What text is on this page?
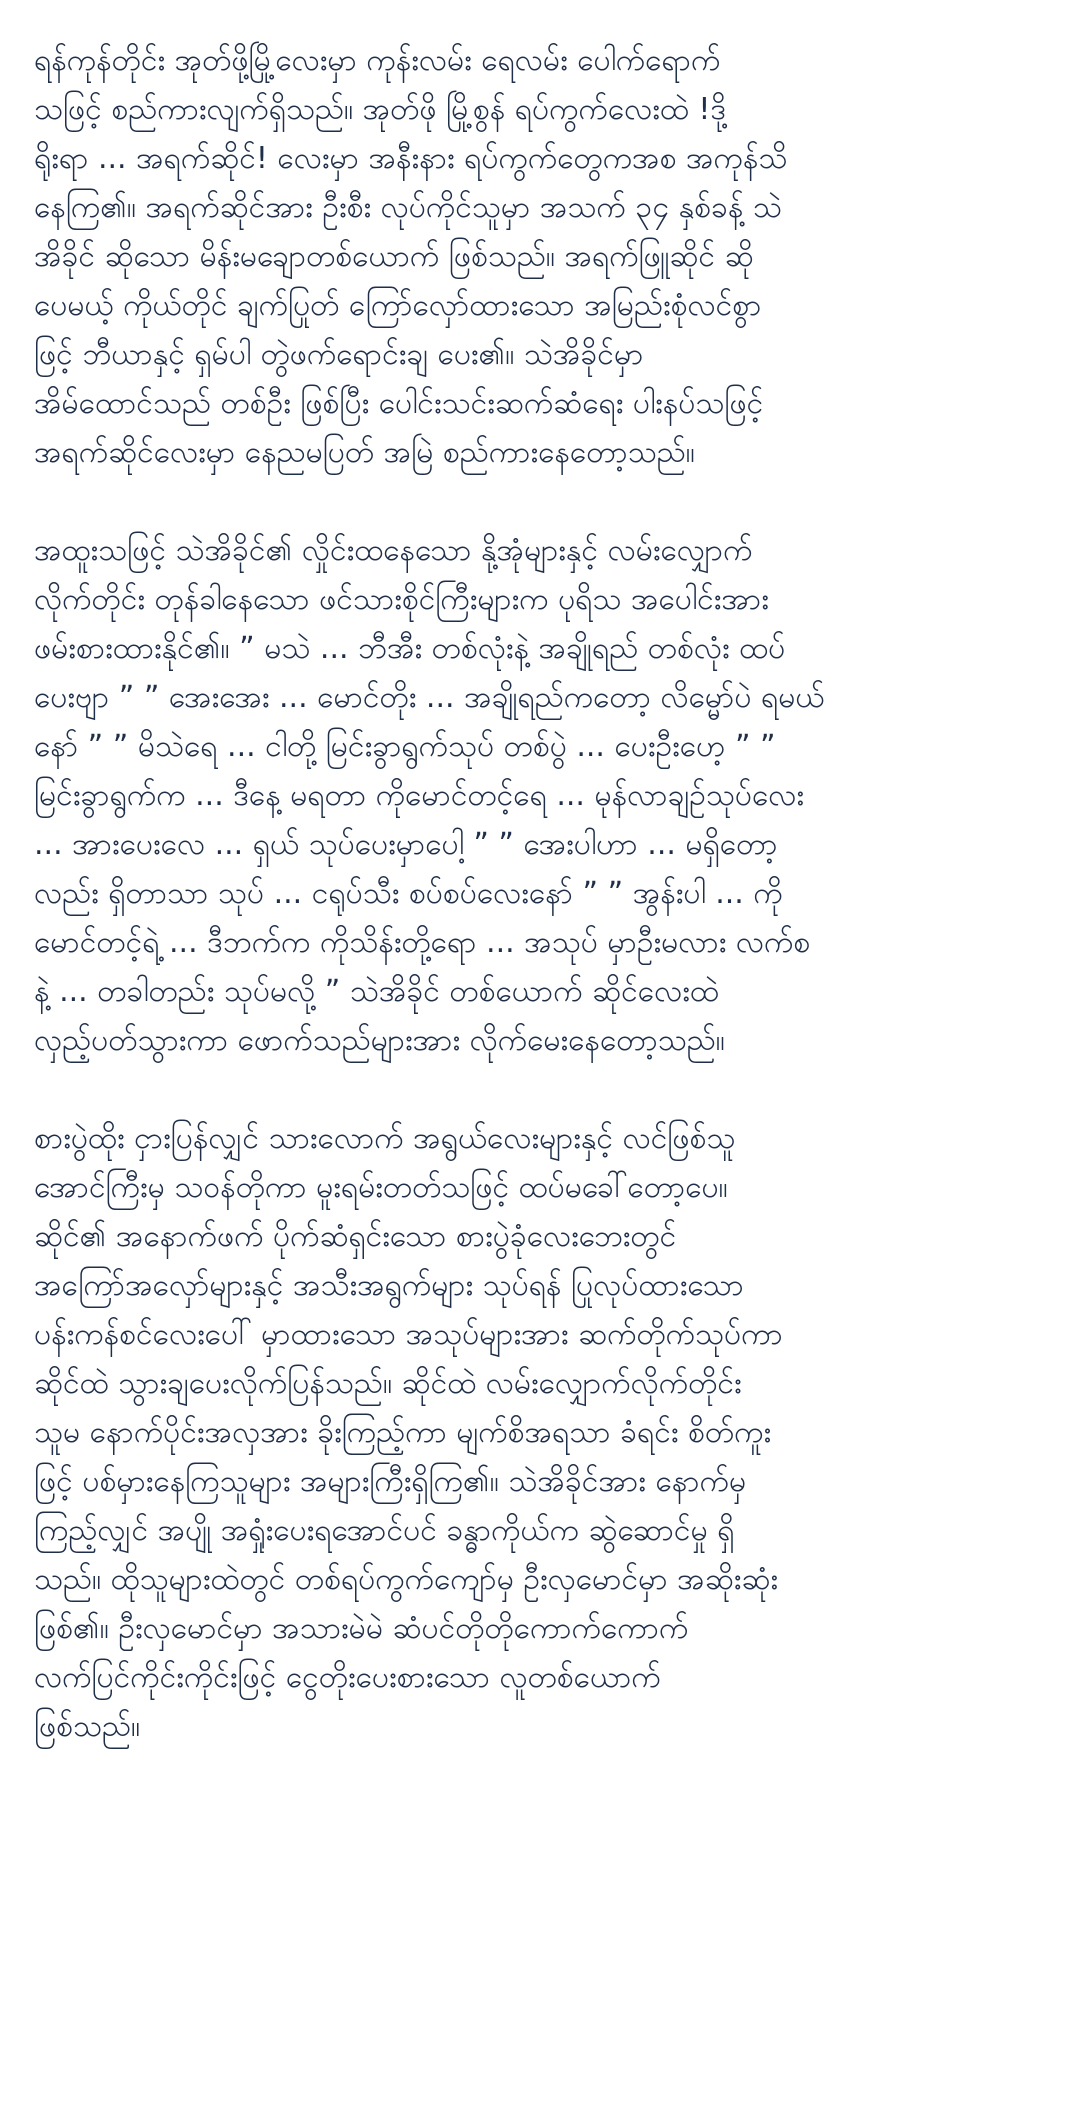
ရန်ကုန်တိုင်း အုတ်ဖို့မြို့လေးမှာ ကုန်းလမ်း ရေလမ်း ပေါက်ရောက်
သဖြင့် စည်ကားလျက်ရှိသည်။ အုတ်ဖို မြို့စွန် ရပ်ကွက်လေးထဲ !ဒို့
ရိုးရာ ... အရက်ဆိုင်! လေးမှာ အနီးနား ရပ်ကွက်တွေကအစ အကုန်သိ
နေကြ၏။ အရက်ဆိုင်အား ဦးစီး လုပ်ကိုင်သူမှာ အသက် ၃၄ နှစ်ခန့် သဲ
အိခိုင် ဆိုသော မိန်းမချောတစ်ယောက် ဖြစ်သည်။ အရက်ဖြူဆိုင် ဆို
ပေမယ့် ကိုယ်တိုင် ချက်ပြုတ် ကြော်လှော်ထားသော အမြည်းစုံလင်စွာ
ဖြင့် ဘီယာနှင့် ရှမ်ပါ တွဲဖက်ရောင်းချ ပေး၏။ သဲအိခိုင်မှာ
အိမ်ထောင်သည် တစ်ဦး ဖြစ်ပြီး ပေါင်းသင်းဆက်ဆံရေး ပါးနပ်သဖြင့်
အရက်ဆိုင်လေးမှာ နေညမပြတ် အမြဲ စည်ကားနေတော့သည်။

အထူးသဖြင့် သဲအိခိုင်၏ လှိုင်းထနေသော နို့အုံများနှင့် လမ်းလျှောက်
လိုက်တိုင်း တုန်ခါနေသော ဖင်သားစိုင်ကြီးများက ပုရိသ အပေါင်းအား
ဖမ်းစားထားနိုင်၏။ ” မသဲ ... ဘီအီး တစ်လုံးနဲ့ အချိုရည် တစ်လုံး ထပ်
ပေးဗျာ ” ” အေးအေး ... မောင်တိုး ... အချိုရည်ကတော့ လိမ္မော်ပဲ ရမယ်
နော် ” ” မိသဲရေ ... ငါတို့ မြင်းခွာရွက်သုပ် တစ်ပွဲ ... ပေးဦးဟေ့ ” ”
မြင်းခွာရွက်က ... ဒီနေ့ မရတာ ကိုမောင်တင့်ရေ ... မုန်လာချဉ်သုပ်လေး
... အားပေးလေ ... ရှယ် သုပ်ပေးမှာပေါ့ ” ” အေးပါဟာ ... မရှိတော့
လည်း ရှိတာသာ သုပ် ... ငရုပ်သီး စပ်စပ်လေးနော် ” ” အွန်းပါ ... ကို
မောင်တင့်ရဲ့ ... ဒီဘက်က ကိုသိန်းတို့ရော ... အသုပ် မှာဦးမလား လက်စ
နဲ့ ... တခါတည်း သုပ်မလို့ ” သဲအိခိုင် တစ်ယောက် ဆိုင်လေးထဲ
လှည့်ပတ်သွားကာ ဖောက်သည်များအား လိုက်မေးနေတော့သည်။

စားပွဲထိုး ငှားပြန်လျှင် သားလောက် အရွယ်လေးများနှင့် လင်ဖြစ်သူ
အောင်ကြီးမှ သဝန်တိုကာ မူးရမ်းတတ်သဖြင့် ထပ်မခေါ်တော့ပေ။
ဆိုင်၏ အနောက်ဖက် ပိုက်ဆံရှင်းသော စားပွဲခုံလေးဘေးတွင်
အကြော်အလှော်များနှင့် အသီးအရွက်များ သုပ်ရန် ပြုလုပ်ထားသော
ပန်းကန်စင်လေးပေါ် မှာထားသော အသုပ်များအား ဆက်တိုက်သုပ်ကာ
ဆိုင်ထဲ သွားချပေးလိုက်ပြန်သည်။ ဆိုင်ထဲ လမ်းလျှောက်လိုက်တိုင်း
သူမ နောက်ပိုင်းအလှအား ခိုးကြည့်ကာ မျက်စိအရသာ ခံရင်း စိတ်ကူး
ဖြင့် ပစ်မှားနေကြသူများ အများကြီးရှိကြ၏။ သဲအိခိုင်အား နောက်မှ
ကြည့်လျှင် အပျို အရှုံးပေးရအောင်ပင် ခန္ဓာကိုယ်က ဆွဲဆောင်မှု ရှိ
သည်။ ထိုသူများထဲတွင် တစ်ရပ်ကွက်ကျော်မှ ဦးလှမောင်မှာ အဆိုးဆုံး
ဖြစ်၏။ ဦးလှမောင်မှာ အသားမဲမဲ ဆံပင်တိုတိုကောက်ကောက်
လက်ပြင်ကိုင်းကိုင်းဖြင့် ငွေတိုးပေးစားသော လူတစ်ယောက်
ဖြစ်သည်။
